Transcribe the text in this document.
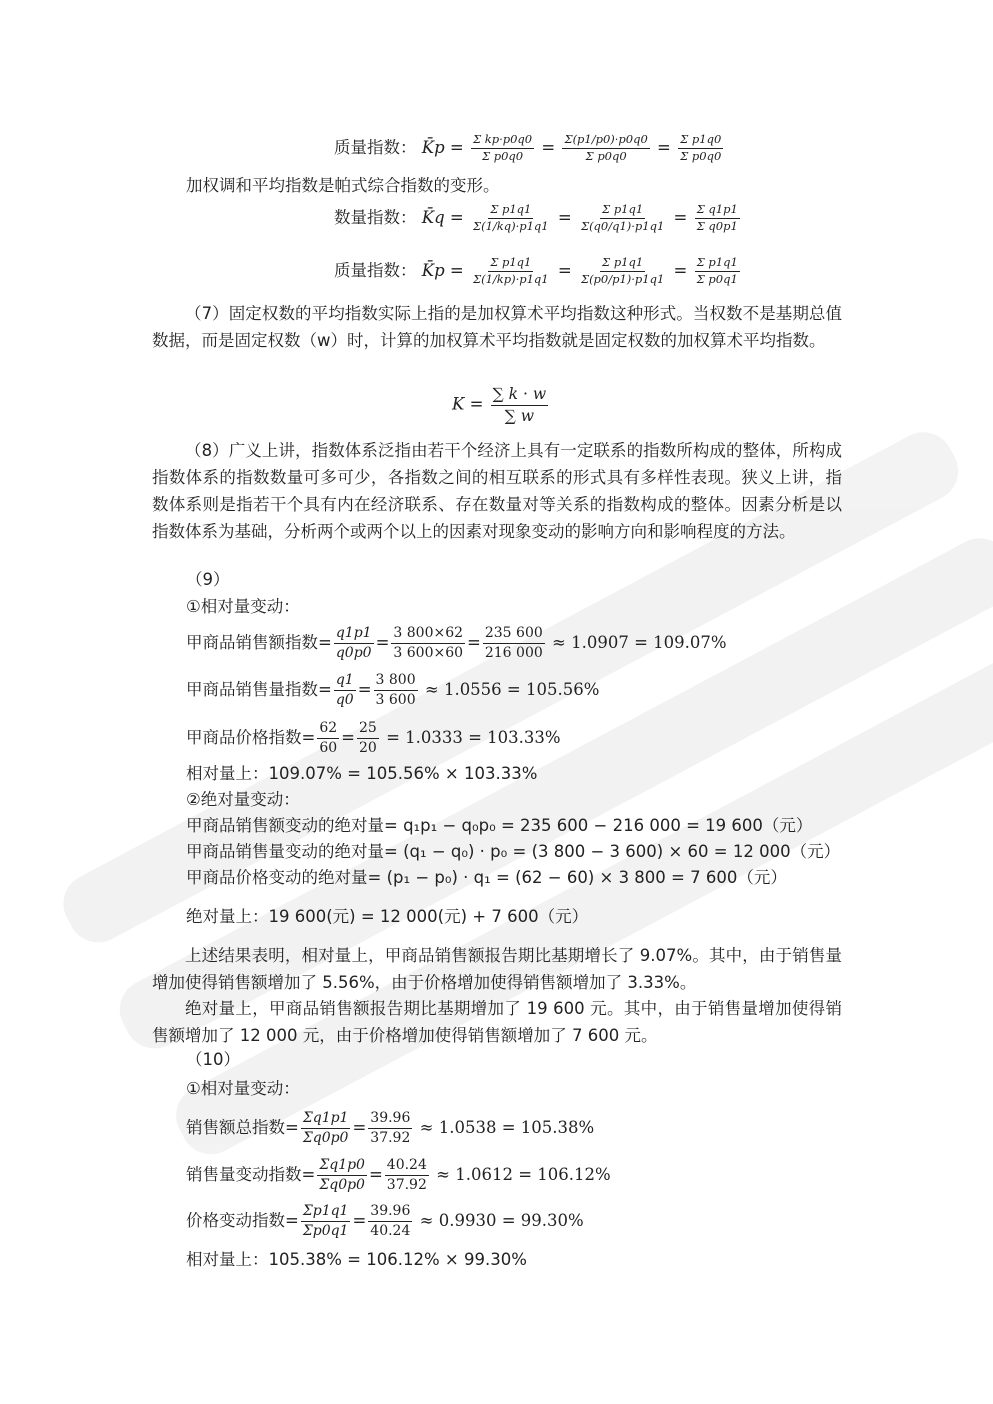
质量指数： K̄p = $\frac{\text{Σ kp·p0q0}}{\text{Σ p0q0}} = \frac{\Sigma(p1/p0)\cdot p0q0}{\text{Σ p0q0}} = \frac{\text{Σ p1q0}}{\text{Σ p0q0}}$
加权调和平均指数是帕式综合指数的变形。
数量指数： K̄q = $\frac{\text{Σ p1q1}}{\Sigma(1/kq)\cdot p1q1} = \frac{\text{Σ p1q1}}{\Sigma(q0/q1)\cdot p1q1} = \frac{\text{Σ q1p1}}{\text{Σ q0p1}}$
质量指数： K̄p = $\frac{\text{Σ p1q1}}{\Sigma(1/kp)\cdot p1q1} = \frac{\text{Σ p1q1}}{\Sigma(p0/p1)\cdot p1q1} = \frac{\text{Σ p1q1}}{\text{Σ p0q1}}$
（7）固定权数的平均指数实际上指的是加权算术平均指数这种形式。当权数不是基期总值数据，而是固定权数（w）时，计算的加权算术平均指数就是固定权数的加权算术平均指数。
$K = \frac{\sum k \cdot w}{\sum w}$
（8）广义上讲，指数体系泛指由若干个经济上具有一定联系的指数所构成的整体，所构成指数体系的指数数量可多可少，各指数之间的相互联系的形式具有多样性表现。狭义上讲，指数体系则是指若干个具有内在经济联系、存在数量对等关系的指数构成的整体。因素分析是以指数体系为基础，分析两个或两个以上的因素对现象变动的影响方向和影响程度的方法。
（9）
①相对量变动：
甲商品销售额指数= $\frac{q1p1}{q0p0} = \frac{3 800\times 62}{3 600\times 60} = \frac{235 600}{216 000} \approx 1.0907 = 109.07\%$
甲商品销售量指数= $\frac{q1}{q0} = \frac{3 800}{3 600} \approx 1.0556 = 105.56\%$
甲商品价格指数= $\frac{62}{60} = \frac{25}{20} = 1.0333 = 103.33\%$
相对量上：109.07% = 105.56% × 103.33%
②绝对量变动：
甲商品销售额变动的绝对量= q₁p₁ − q₀p₀ = 235 600 − 216 000 = 19 600（元）
甲商品销售量变动的绝对量= (q₁ − q₀) · p₀ = (3 800 − 3 600) × 60 = 12 000（元）
甲商品价格变动的绝对量= (p₁ − p₀) · q₁ = (62 − 60) × 3 800 = 7 600（元）
绝对量上：19 600(元) = 12 000(元) + 7 600（元）
上述结果表明，相对量上，甲商品销售额报告期比基期增长了 9.07%。其中，由于销售量增加使得销售额增加了 5.56%，由于价格增加使得销售额增加了 3.33%。
绝对量上，甲商品销售额报告期比基期增加了 19 600 元。其中，由于销售量增加使得销售额增加了 12 000 元，由于价格增加使得销售额增加了 7 600 元。
（10）
①相对量变动：
销售额总指数= $\frac{\Sigma q1p1}{\Sigma q0p0} = \frac{39.96}{37.92} \approx 1.0538 = 105.38\%$
销售量变动指数= $\frac{\Sigma q1p0}{\Sigma q0p0} = \frac{40.24}{37.92} \approx 1.0612 = 106.12\%$
价格变动指数= $\frac{\Sigma p1q1}{\Sigma p0q1} = \frac{39.96}{40.24} \approx 0.9930 = 99.30\%$
相对量上：105.38% = 106.12% × 99.30%
